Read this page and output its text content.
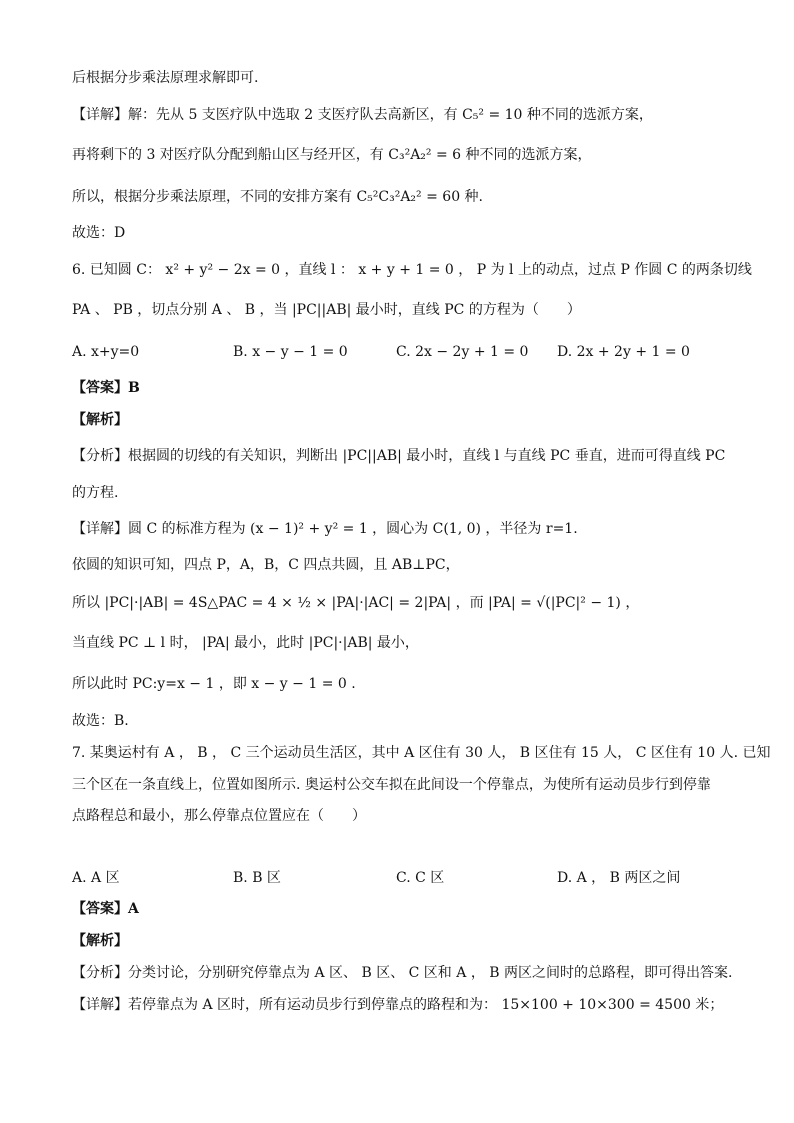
后根据分步乘法原理求解即可.
【详解】解：先从 5 支医疗队中选取 2 支医疗队去高新区，有 C₅² = 10 种不同的选派方案，
再将剩下的 3 对医疗队分配到船山区与经开区，有 C₃²A₂² = 6 种不同的选派方案，
所以，根据分步乘法原理，不同的安排方案有 C₅²C₃²A₂² = 60 种.
故选：D
6. 已知圆 C： x² + y² − 2x = 0 ，直线 l ： x + y + 1 = 0 ， P 为 l 上的动点，过点 P 作圆 C 的两条切线
PA 、 PB ，切点分别 A 、 B ，当 |PC||AB| 最小时，直线 PC 的方程为（　　）
A. x+y=0	B. x − y − 1 = 0	C. 2x − 2y + 1 = 0 D. 2x + 2y + 1 = 0
【答案】B
【解析】
【分析】根据圆的切线的有关知识，判断出 |PC||AB| 最小时，直线 l 与直线 PC 垂直，进而可得直线 PC
的方程.
【详解】圆 C 的标准方程为 (x − 1)² + y² = 1 ，圆心为 C(1, 0) ，半径为 r=1.
依圆的知识可知，四点 P，A，B，C 四点共圆，且 AB⊥PC，
所以 |PC|·|AB| = 4S△PAC = 4 × ½ × |PA|·|AC| = 2|PA| ，而 |PA| = √(|PC|² − 1) ，
当直线 PC ⊥ l 时， |PA| 最小，此时 |PC|·|AB| 最小，
所以此时 PC:y=x − 1 ，即 x − y − 1 = 0 .
故选：B.
7. 某奥运村有 A ， B ， C 三个运动员生活区，其中 A 区住有 30 人， B 区住有 15 人， C 区住有 10 人. 已知
三个区在一条直线上，位置如图所示. 奥运村公交车拟在此间设一个停靠点，为使所有运动员步行到停靠
点路程总和最小，那么停靠点位置应在（　　）
A. A 区	B. B 区	C. C 区	D. A ， B 两区之间
【答案】A
【解析】
【分析】分类讨论，分别研究停靠点为 A 区、 B 区、 C 区和 A ， B 两区之间时的总路程，即可得出答案.
【详解】若停靠点为 A 区时，所有运动员步行到停靠点的路程和为： 15×100 + 10×300 = 4500 米；
